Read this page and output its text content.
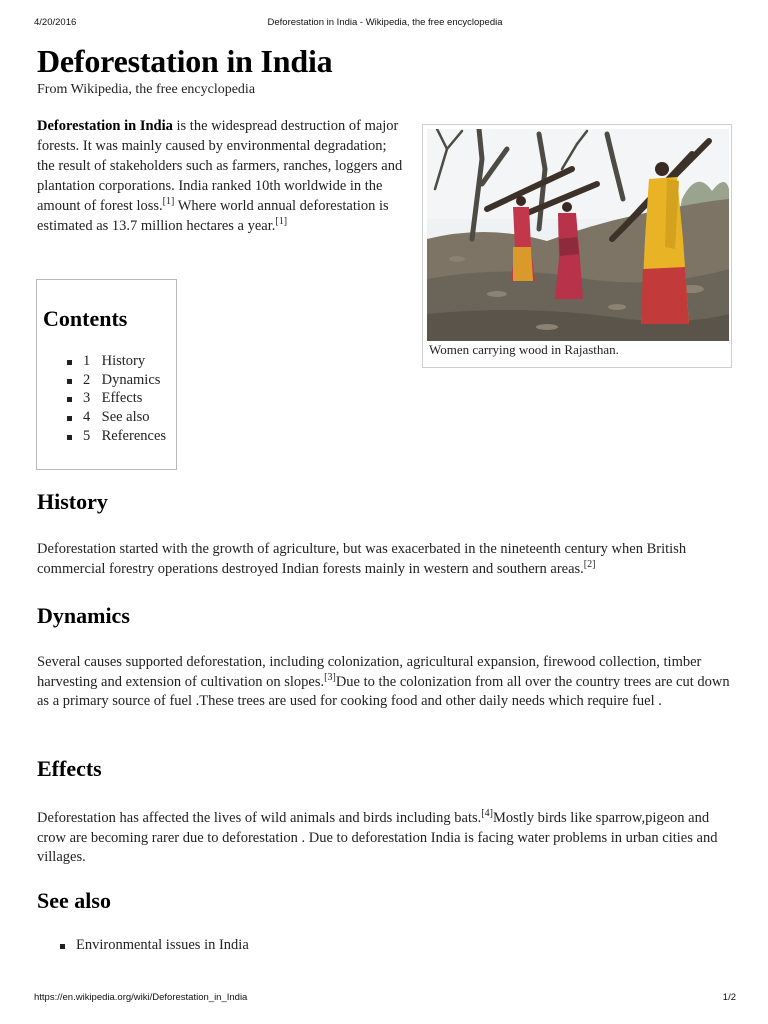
4/20/2016	Deforestation in India - Wikipedia, the free encyclopedia
Deforestation in India
From Wikipedia, the free encyclopedia

Deforestation in India is the widespread destruction of major forests. It was mainly caused by environmental degradation; the result of stakeholders such as farmers, ranches, loggers and plantation corporations. India ranked 10th worldwide in the amount of forest loss.[1] Where world annual deforestation is estimated as 13.7 million hectares a year.[1]

Women carrying wood in Rajasthan.
Contents
1 History
2 Dynamics
3 Effects
4 See also
5 References
History

Deforestation started with the growth of agriculture, but was exacerbated in the nineteenth century when British commercial forestry operations destroyed Indian forests mainly in western and southern areas.[2]

Dynamics

Several causes supported deforestation, including colonization, agricultural expansion, firewood collection, timber harvesting and extension of cultivation on slopes.[3]Due to the colonization from all over the country trees are cut down as a primary source of fuel .These trees are used for cooking food and other daily needs which require fuel .

Effects

Deforestation has affected the lives of wild animals and birds including bats.[4]Mostly birds like sparrow,pigeon and crow are becoming rarer due to deforestation . Due to deforestation India is facing water problems in urban cities and villages.

See also
Environmental issues in India
https://en.wikipedia.org/wiki/Deforestation_in_India	1/2
